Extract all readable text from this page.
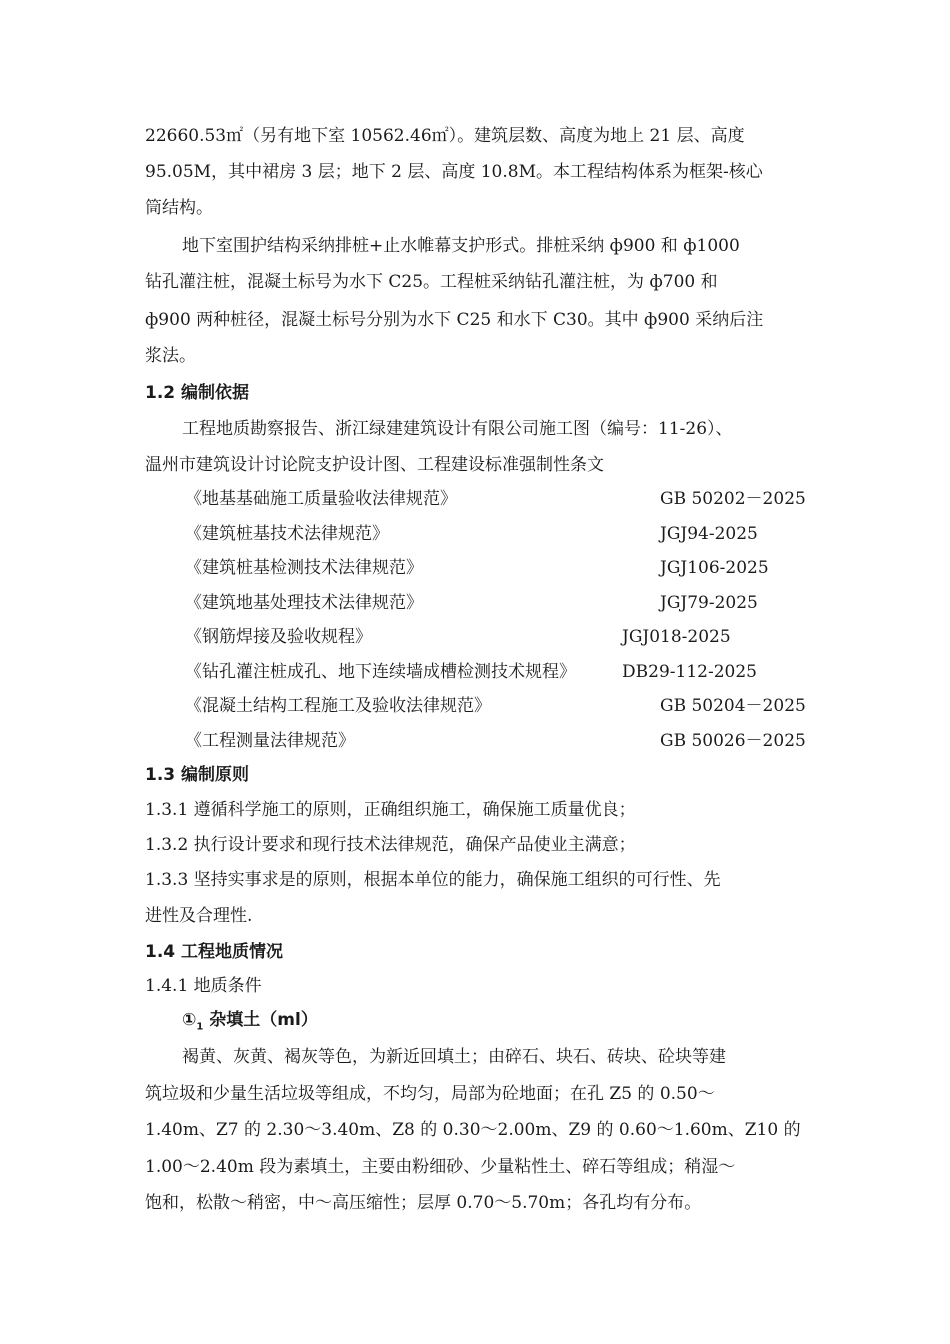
22660.53㎡（另有地下室 10562.46㎡）。建筑层数、高度为地上 21 层、高度
95.05M，其中裙房 3 层；地下 2 层、高度 10.8M。本工程结构体系为框架-核心
筒结构。
地下室围护结构采纳排桩+止水帷幕支护形式。排桩采纳 ф900 和 ф1000
钻孔灌注桩，混凝土标号为水下 C25。工程桩采纳钻孔灌注桩，为 ф700 和
ф900 两种桩径，混凝土标号分别为水下 C25 和水下 C30。其中 ф900 采纳后注
浆法。
1.2 编制依据
工程地质勘察报告、浙江绿建建筑设计有限公司施工图（编号：11-26）、
温州市建筑设计讨论院支护设计图、工程建设标准强制性条文
《地基基础施工质量验收法律规范》	GB 50202－2025
《建筑桩基技术法律规范》	JGJ94-2025
《建筑桩基检测技术法律规范》	JGJ106-2025
《建筑地基处理技术法律规范》	JGJ79-2025
《钢筋焊接及验收规程》	JGJ018-2025
《钻孔灌注桩成孔、地下连续墙成槽检测技术规程》	DB29-112-2025
《混凝土结构工程施工及验收法律规范》	GB 50204－2025
《工程测量法律规范》	GB 50026－2025
1.3 编制原则
1.3.1 遵循科学施工的原则，正确组织施工，确保施工质量优良；
1.3.2 执行设计要求和现行技术法律规范，确保产品使业主满意；
1.3.3 坚持实事求是的原则，根据本单位的能力，确保施工组织的可行性、先
进性及合理性.
1.4 工程地质情况
1.4.1 地质条件
$①_1$ 杂填土（ml）
褐黄、灰黄、褐灰等色，为新近回填土；由碎石、块石、砖块、砼块等建
筑垃圾和少量生活垃圾等组成，不均匀，局部为砼地面；在孔 Z5 的 0.50～
1.40m、Z7 的 2.30～3.40m、Z8 的 0.30～2.00m、Z9 的 0.60～1.60m、Z10 的
1.00～2.40m 段为素填土，主要由粉细砂、少量粘性土、碎石等组成；稍湿～
饱和，松散～稍密，中～高压缩性；层厚 0.70～5.70m；各孔均有分布。
